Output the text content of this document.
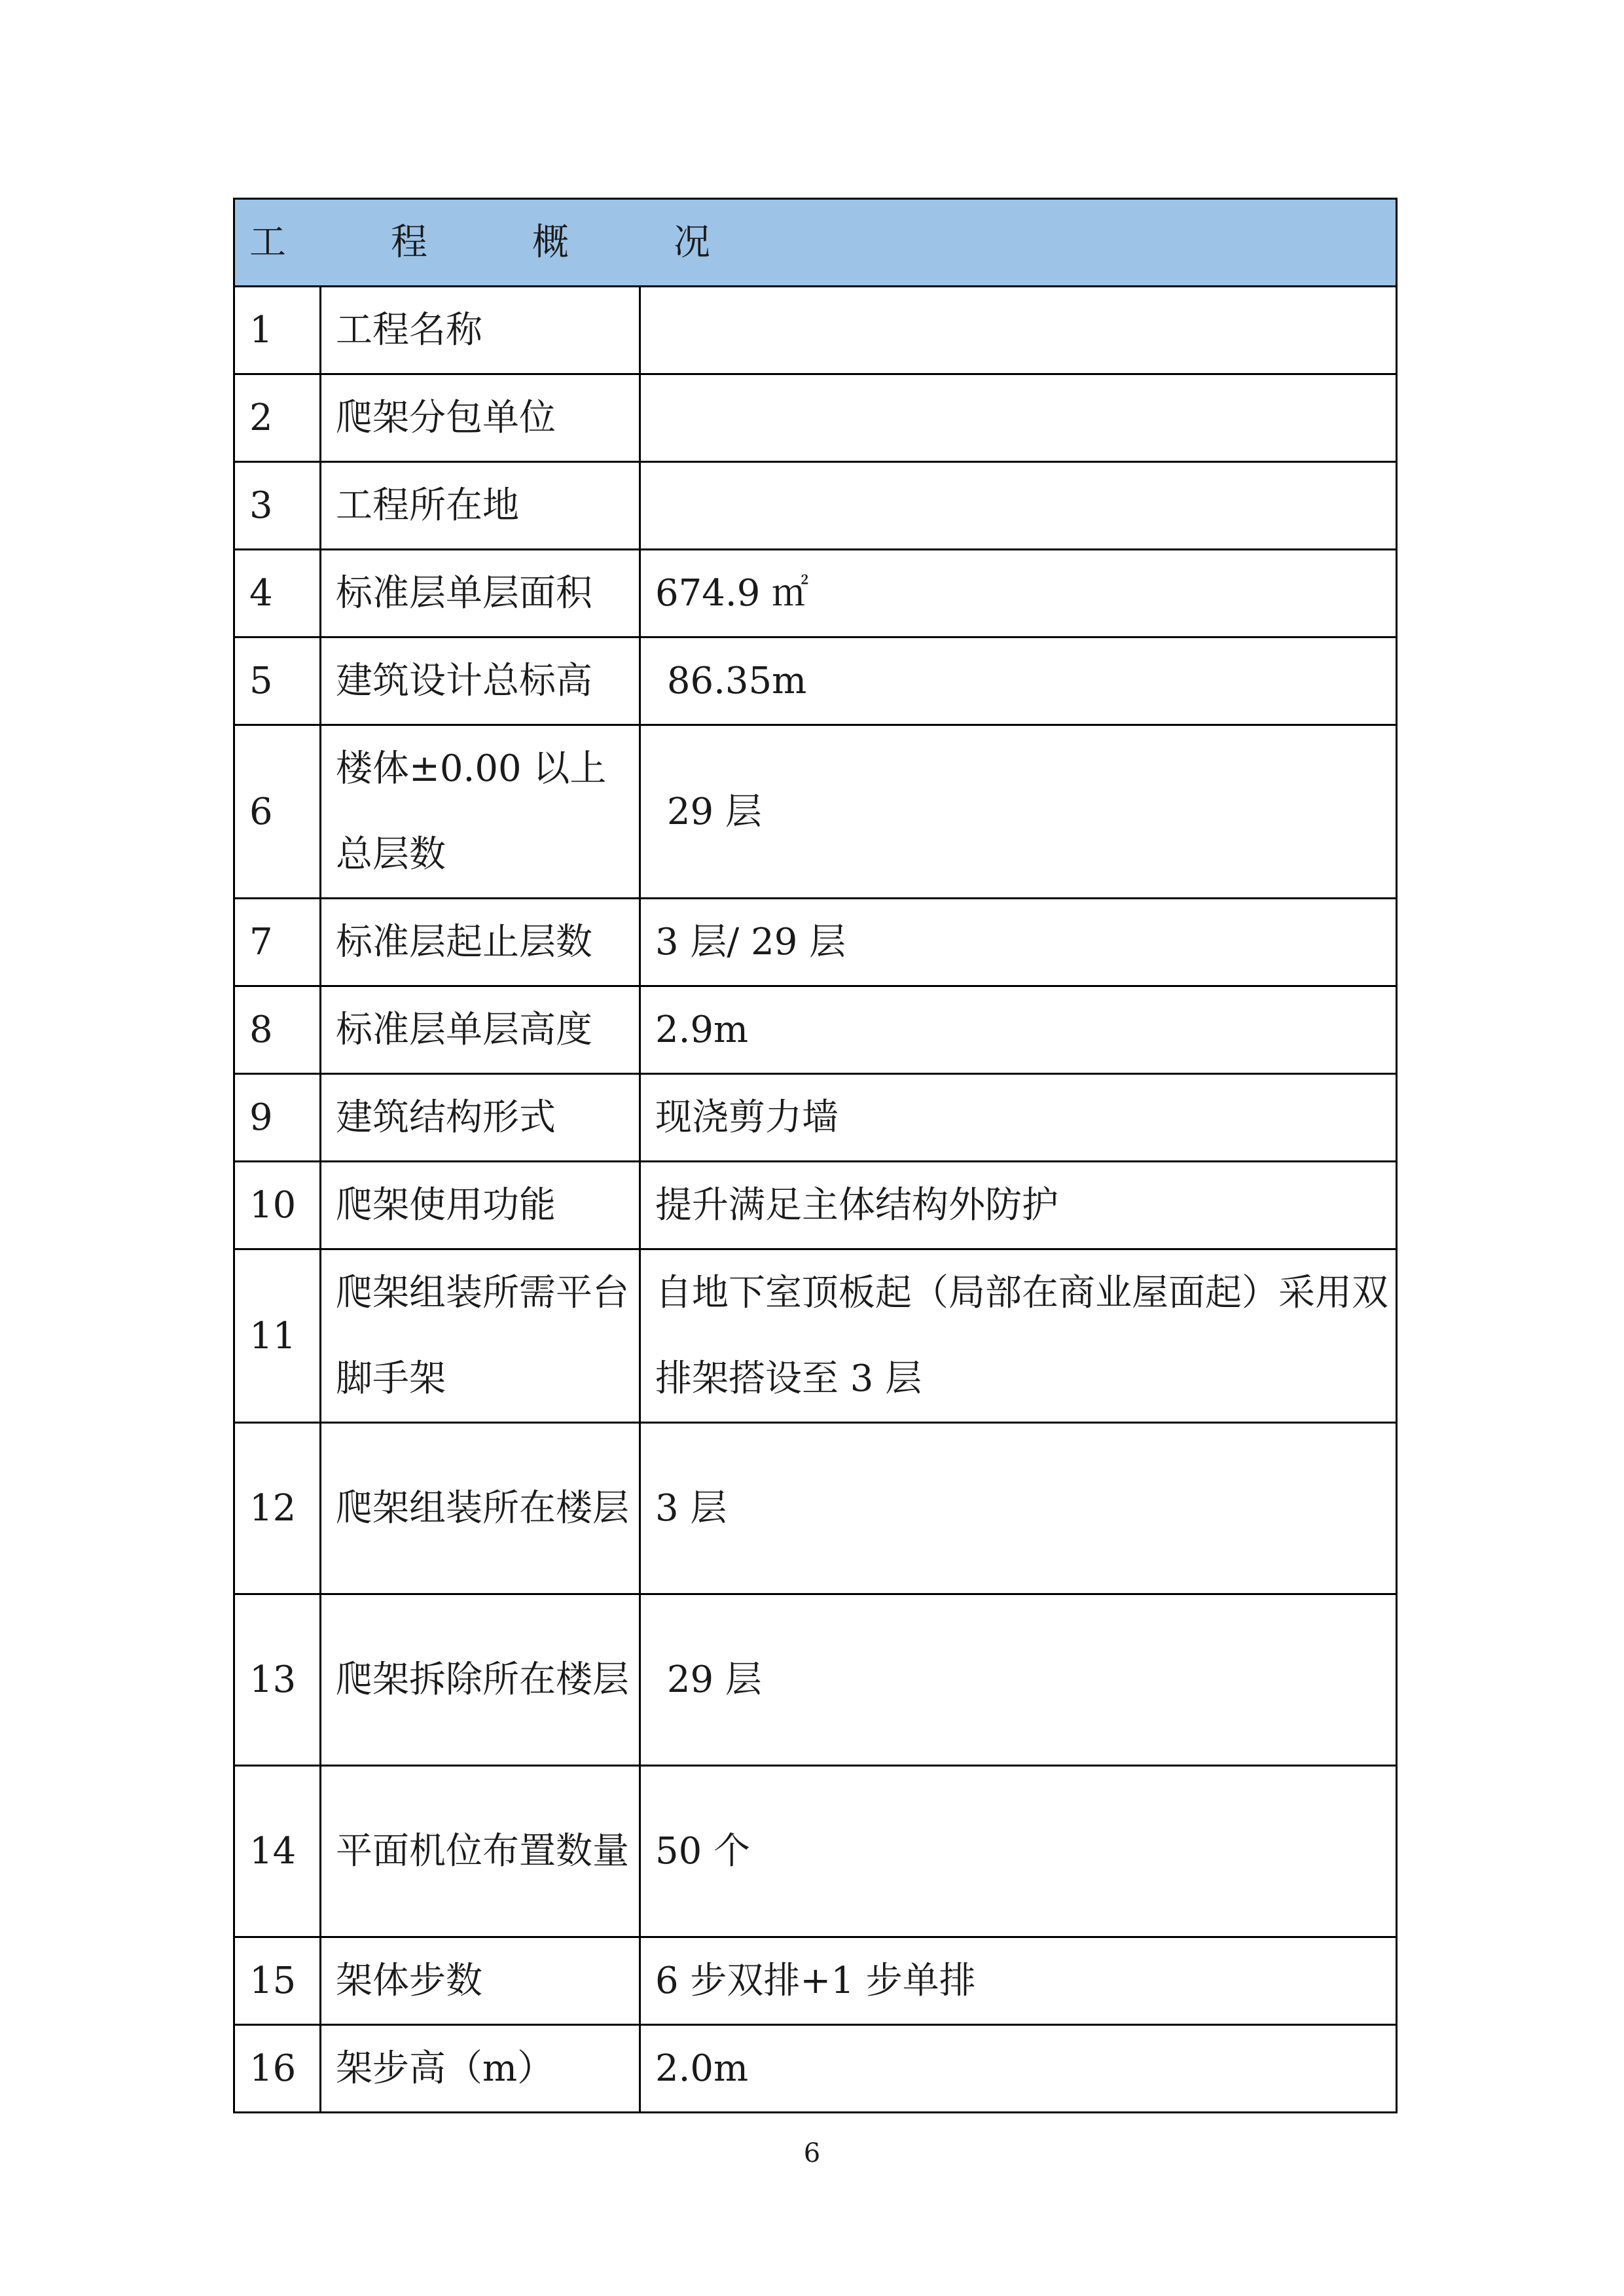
工　程　概　况		
1	工程名称	
2	爬架分包单位	
3	工程所在地	
4	标准层单层面积	674.9 ㎡
5	建筑设计总标高	86.35m
6	楼体±0.00 以上总层数	29 层
7	标准层起止层数	3 层/ 29 层
8	标准层单层高度	2.9m
9	建筑结构形式	现浇剪力墙
10	爬架使用功能	提升满足主体结构外防护
11	爬架组装所需平台脚手架	自地下室顶板起（局部在商业屋面起）采用双排架搭设至 3 层
12	爬架组装所在楼层	3 层
13	爬架拆除所在楼层	29 层
14	平面机位布置数量	50 个
15	架体步数	6 步双排+1 步单排
16	架步高（m）	2.0m
6
